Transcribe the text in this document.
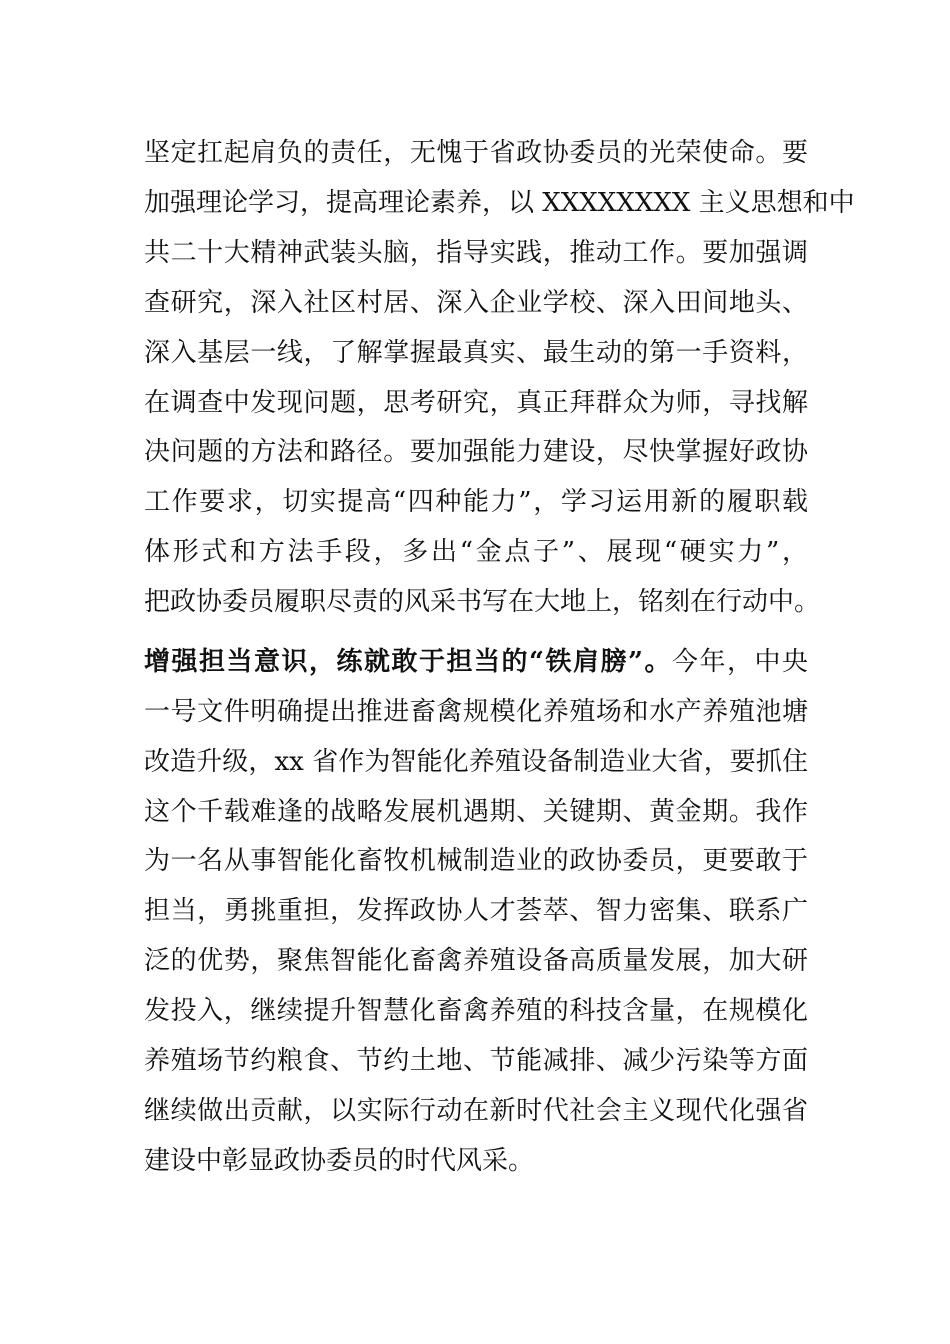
坚定扛起肩负的责任，无愧于省政协委员的光荣使命。要
加强理论学习，提高理论素养，以 XXXXXXXX 主义思想和中
共二十大精神武装头脑，指导实践，推动工作。要加强调
查研究，深入社区村居、深入企业学校、深入田间地头、
深入基层一线，了解掌握最真实、最生动的第一手资料，
在调查中发现问题，思考研究，真正拜群众为师，寻找解
决问题的方法和路径。要加强能力建设，尽快掌握好政协
工作要求，切实提高“四种能力”，学习运用新的履职载
体形式和方法手段，多出“金点子”、展现“硬实力”，
把政协委员履职尽责的风采书写在大地上，铭刻在行动中。
增强担当意识，练就敢于担当的“铁肩膀”。今年，中央
一号文件明确提出推进畜禽规模化养殖场和水产养殖池塘
改造升级，xx 省作为智能化养殖设备制造业大省，要抓住
这个千载难逢的战略发展机遇期、关键期、黄金期。我作
为一名从事智能化畜牧机械制造业的政协委员，更要敢于
担当，勇挑重担，发挥政协人才荟萃、智力密集、联系广
泛的优势，聚焦智能化畜禽养殖设备高质量发展，加大研
发投入，继续提升智慧化畜禽养殖的科技含量，在规模化
养殖场节约粮食、节约土地、节能减排、减少污染等方面
继续做出贡献，以实际行动在新时代社会主义现代化强省
建设中彰显政协委员的时代风采。
